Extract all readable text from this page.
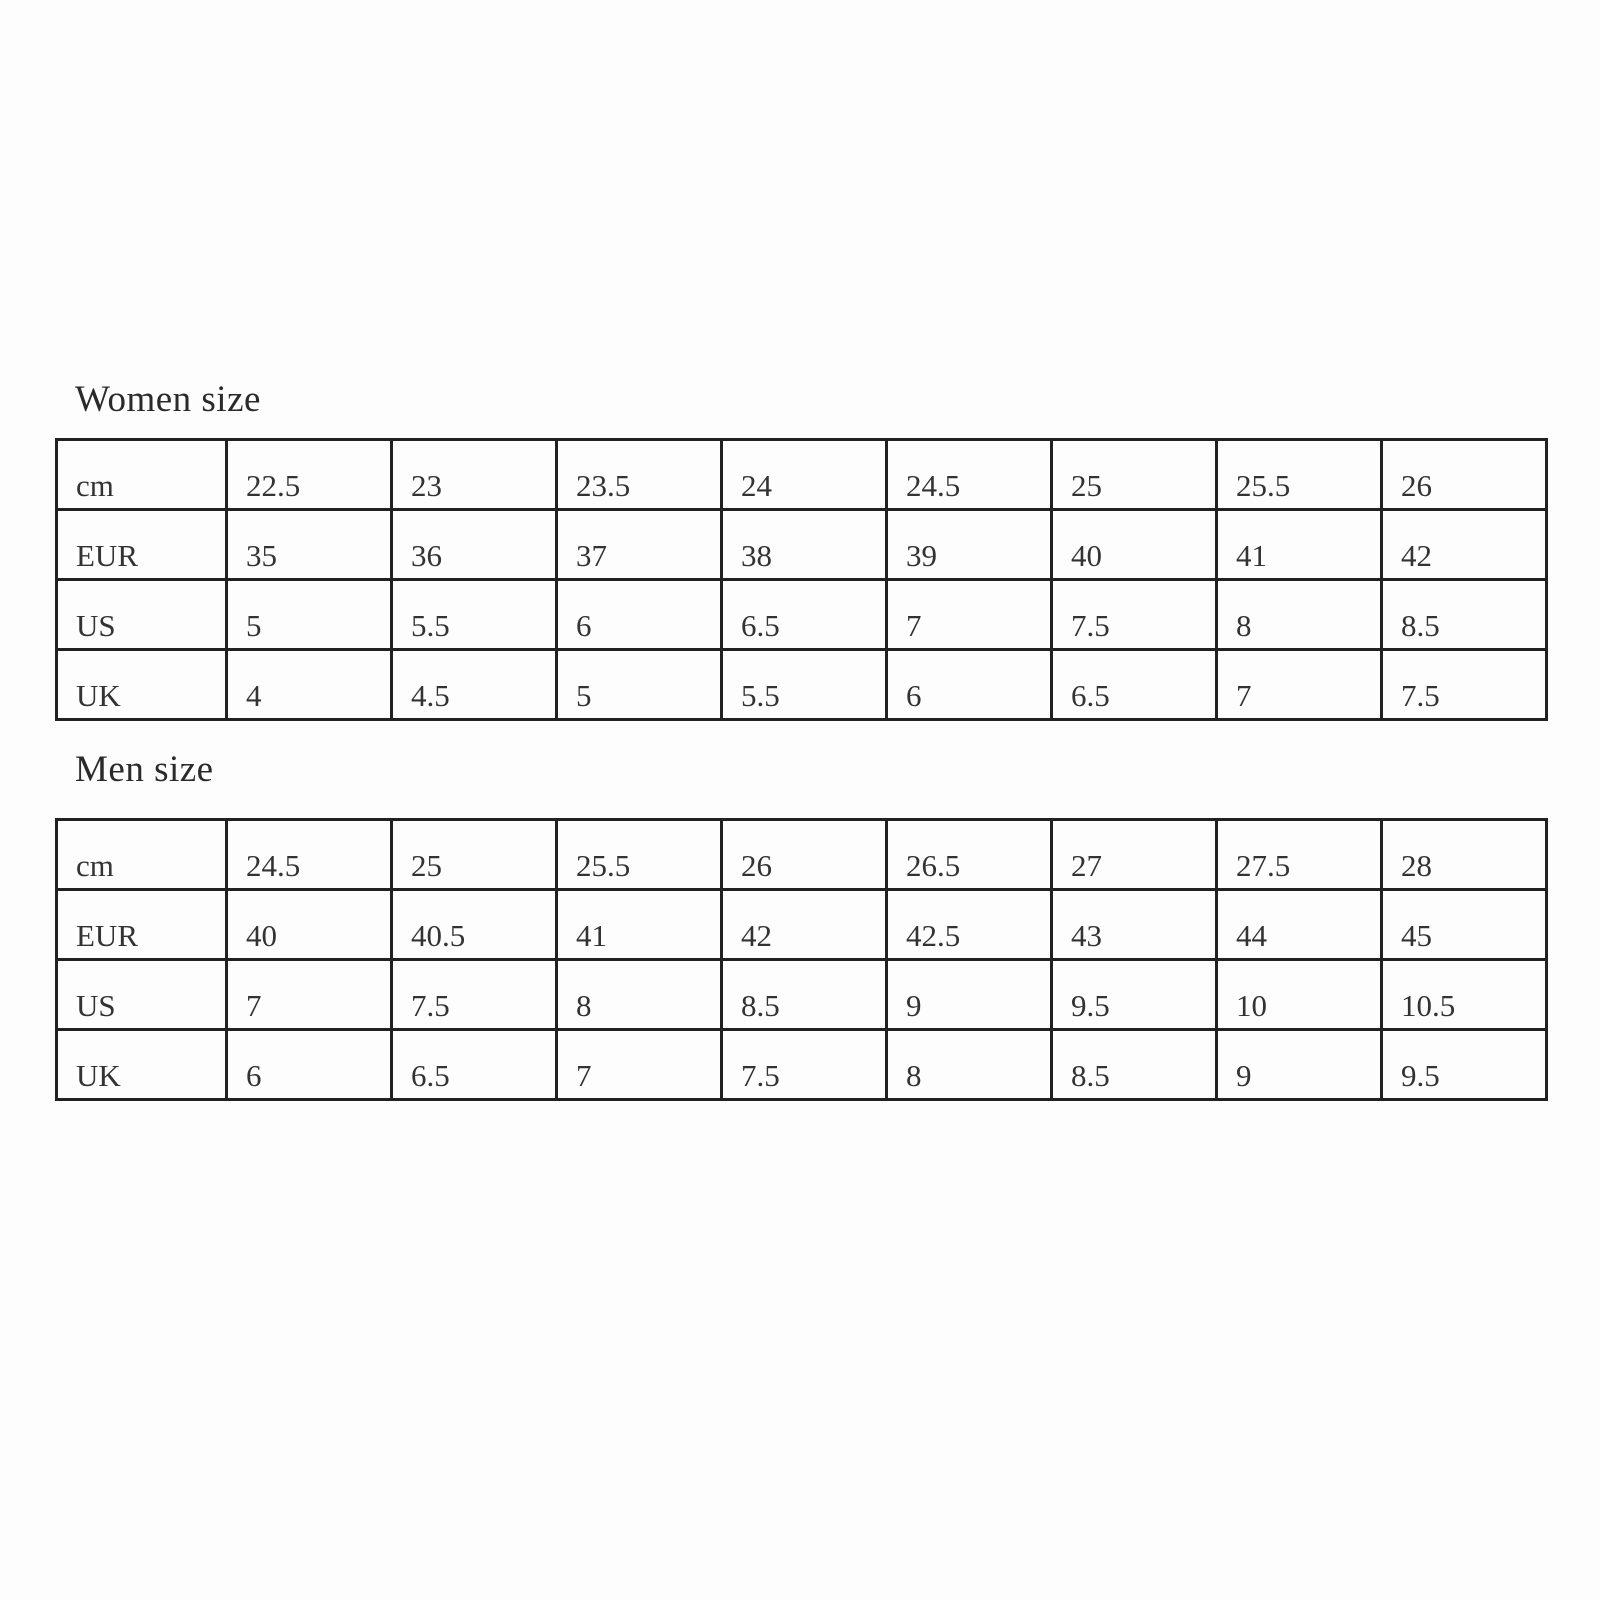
Women size
cm	22.5	23	23.5	24	24.5	25	25.5	26
EUR	35	36	37	38	39	40	41	42
US	5	5.5	6	6.5	7	7.5	8	8.5
UK	4	4.5	5	5.5	6	6.5	7	7.5
Men size
cm	24.5	25	25.5	26	26.5	27	27.5	28
EUR	40	40.5	41	42	42.5	43	44	45
US	7	7.5	8	8.5	9	9.5	10	10.5
UK	6	6.5	7	7.5	8	8.5	9	9.5
